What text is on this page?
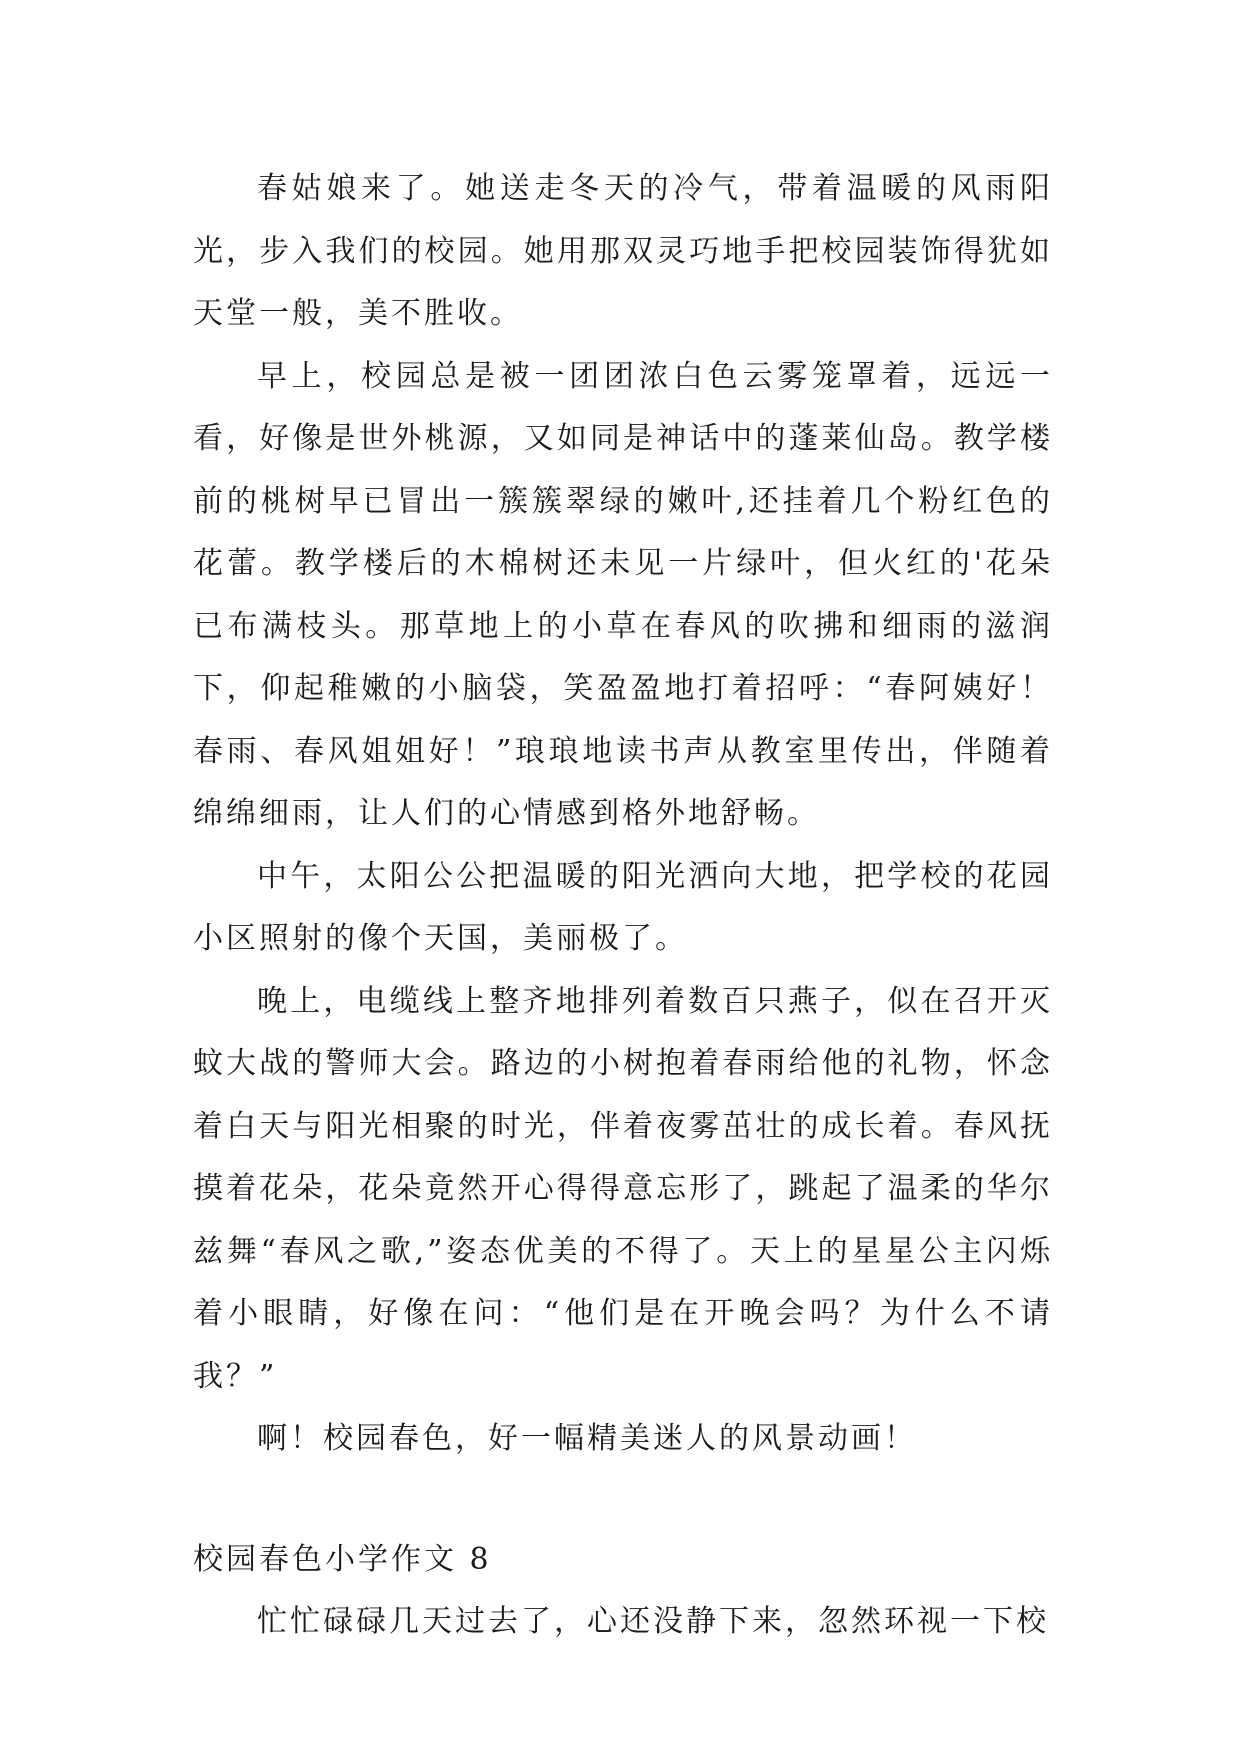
春姑娘来了。她送走冬天的冷气，带着温暖的风雨阳光，步入我们的校园。她用那双灵巧地手把校园装饰得犹如天堂一般，美不胜收。

早上，校园总是被一团团浓白色云雾笼罩着，远远一看，好像是世外桃源，又如同是神话中的蓬莱仙岛。教学楼前的桃树早已冒出一簇簇翠绿的嫩叶,还挂着几个粉红色的花蕾。教学楼后的木棉树还未见一片绿叶，但火红的'花朵已布满枝头。那草地上的小草在春风的吹拂和细雨的滋润下，仰起稚嫩的小脑袋，笑盈盈地打着招呼：“春阿姨好！春雨、春风姐姐好！”琅琅地读书声从教室里传出，伴随着绵绵细雨，让人们的心情感到格外地舒畅。

中午，太阳公公把温暖的阳光洒向大地，把学校的花园小区照射的像个天国，美丽极了。

晚上，电缆线上整齐地排列着数百只燕子，似在召开灭蚊大战的警师大会。路边的小树抱着春雨给他的礼物，怀念着白天与阳光相聚的时光，伴着夜雾茁壮的成长着。春风抚摸着花朵，花朵竟然开心得得意忘形了，跳起了温柔的华尔兹舞“春风之歌,”姿态优美的不得了。天上的星星公主闪烁着小眼睛，好像在问：“他们是在开晚会吗？为什么不请我？”

啊！校园春色，好一幅精美迷人的风景动画！

校园春色小学作文 8

忙忙碌碌几天过去了，心还没静下来，忽然环视一下校
